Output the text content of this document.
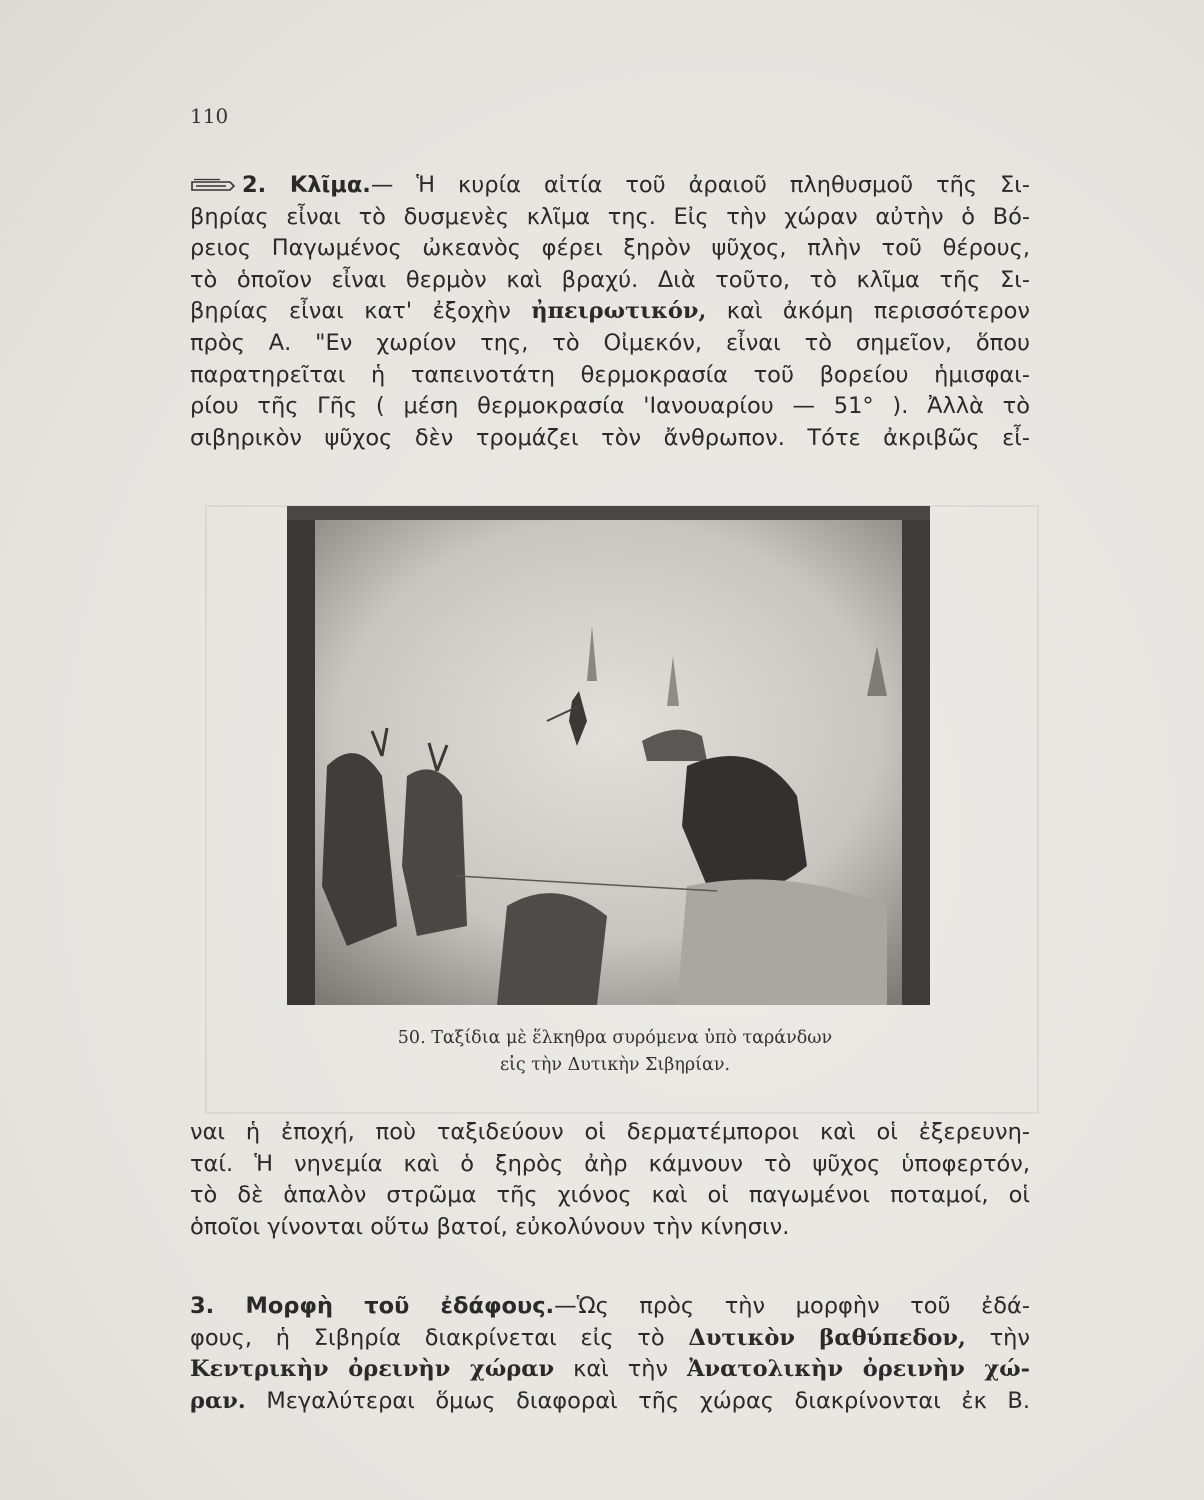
110
2. Κλῖμα.— Ἡ κυρία αἰτία τοῦ ἀραιοῦ πληθυσμοῦ τῆς Σι-
βηρίας εἶναι τὸ δυσμενὲς κλῖμα της. Εἰς τὴν χώραν αὐτὴν ὁ Βό-
ρειος Παγωμένος ὠκεανὸς φέρει ξηρὸν ψῦχος, πλὴν τοῦ θέρους,
τὸ ὁποῖον εἶναι θερμὸν καὶ βραχύ. Διὰ τοῦτο, τὸ κλῖμα τῆς Σι-
βηρίας εἶναι κατ' ἐξοχὴν ἠπειρωτικόν, καὶ ἀκόμη περισσότερον
πρὸς Α. "Εν χωρίον της, τὸ Οἰμεκόν, εἶναι τὸ σημεῖον, ὅπου
παρατηρεῖται ἡ ταπεινοτάτη θερμοκρασία τοῦ βορείου ἡμισφαι-
ρίου τῆς Γῆς ( μέση θερμοκρασία 'Ιανουαρίου — 51° ). Ἀλλὰ τὸ
σιβηρικὸν ψῦχος δὲν τρομάζει τὸν ἄνθρωπον. Τότε ἀκριβῶς εἶ-
50. Ταξίδια μὲ ἕλκηθρα συρόμενα ὑπὸ ταράνδων
εἰς τὴν Δυτικὴν Σιβηρίαν.
ναι ἡ ἐποχή, ποὺ ταξιδεύουν οἱ δερματέμποροι καὶ οἱ ἐξερευνη-
ταί. Ἡ νηνεμία καὶ ὁ ξηρὸς ἀὴρ κάμνουν τὸ ψῦχος ὑποφερτόν,
τὸ δὲ ἁπαλὸν στρῶμα τῆς χιόνος καὶ οἱ παγωμένοι ποταμοί, οἱ
ὁποῖοι γίνονται οὕτω βατοί, εὐκολύνουν τὴν κίνησιν.
3. Μορφὴ τοῦ ἐδάφους.—Ὡς πρὸς τὴν μορφὴν τοῦ ἐδά-
φους, ἡ Σιβηρία διακρίνεται εἰς τὸ Δυτικὸν βαθύπεδον, τὴν
Κεντρικὴν ὀρεινὴν χώραν καὶ τὴν Ἀνατολικὴν ὀρεινὴν χώ-
ραν. Μεγαλύτεραι ὅμως διαφοραὶ τῆς χώρας διακρίνονται ἐκ Β.
